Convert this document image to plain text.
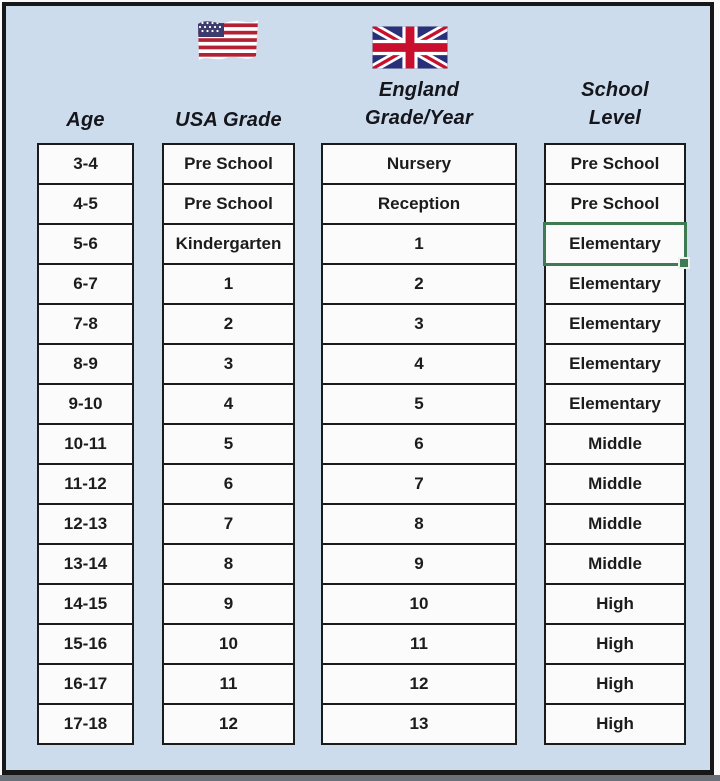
Age	USA Grade
England
Grade/Year
School
Level
3-4
4-5
5-6
6-7
7-8
8-9
9-10
10-11
11-12
12-13
13-14
14-15
15-16
16-17
17-18
Pre School
Pre School
Kindergarten
1
2
3
4
5
6
7
8
9
10
11
12
Nursery
Reception
1
2
3
4
5
6
7
8
9
10
11
12
13
Pre School
Pre School
Elementary
Elementary
Elementary
Elementary
Elementary
Middle
Middle
Middle
Middle
High
High
High
High
